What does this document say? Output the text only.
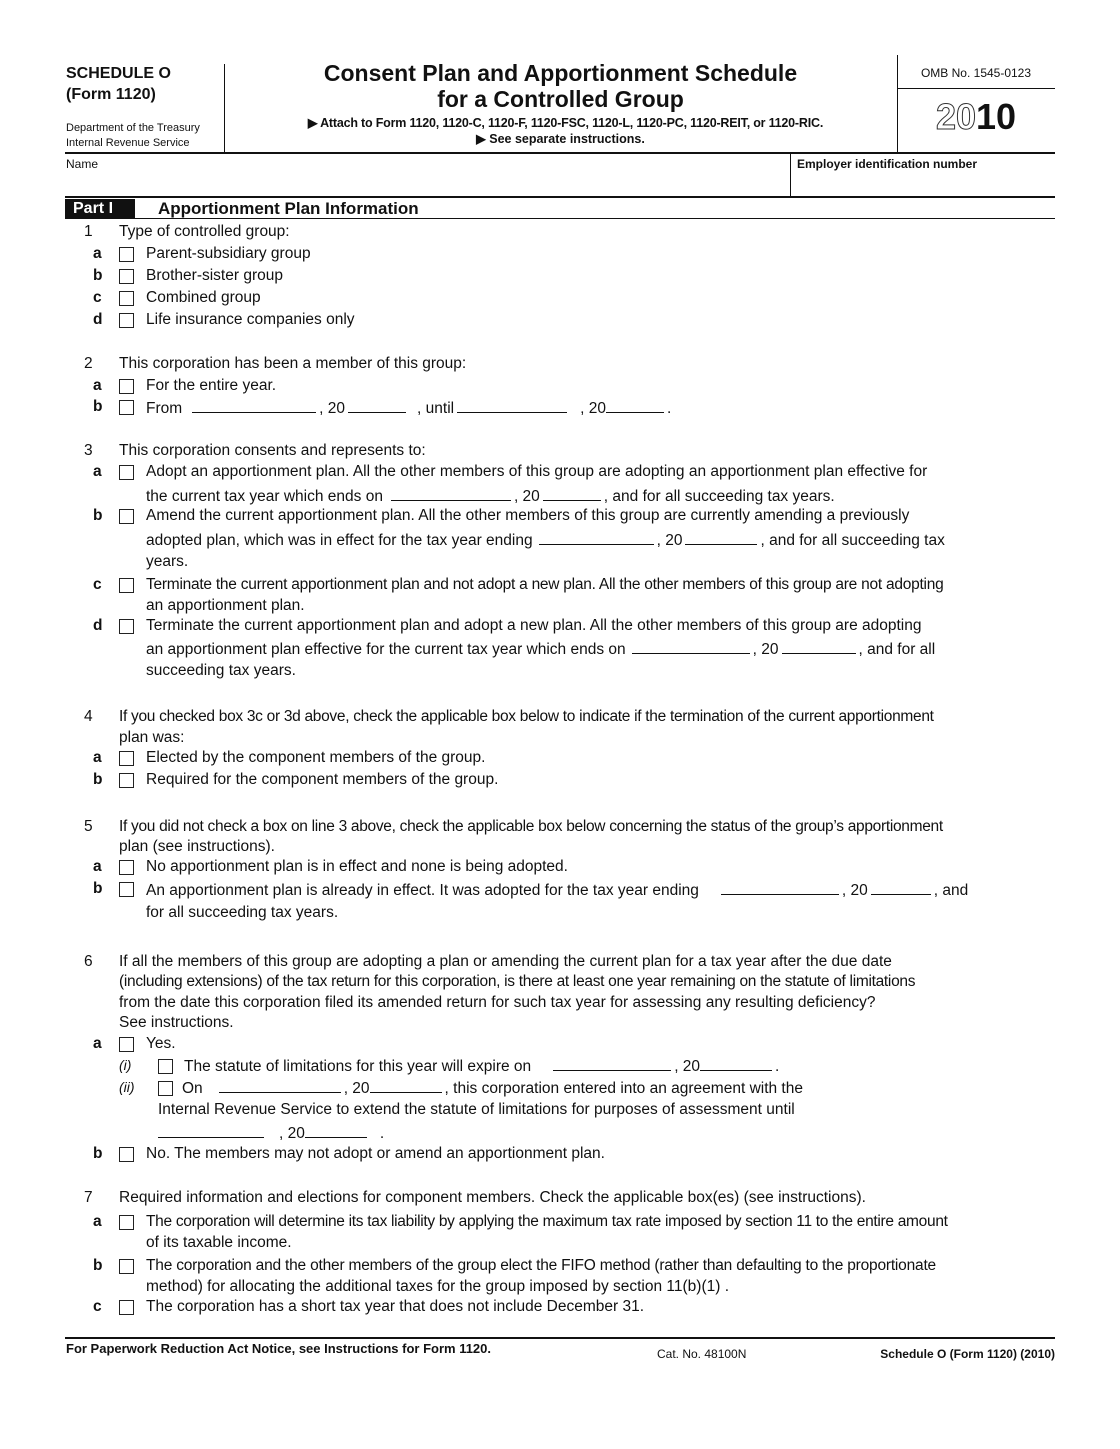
SCHEDULE O
(Form 1120)
Department of the Treasury
Internal Revenue Service
Consent Plan and Apportionment Schedule
for a Controlled Group
▶ Attach to Form 1120, 1120-C, 1120-F, 1120-FSC, 1120-L, 1120-PC, 1120-REIT, or 1120-RIC.
▶ See separate instructions.
OMB No. 1545-0123
2010
Name	Employer identification number
Part I	Apportionment Plan Information
1 Type of controlled group:
a	Parent-subsidiary group
b	Brother-sister group
c	Combined group
d	Life insurance companies only
2 This corporation has been a member of this group:
a	For the entire year.
b	From	, 20	, until	, 20	.
3 This corporation consents and represents to:
a	Adopt an apportionment plan. All the other members of this group are adopting an apportionment plan effective for
the current tax year which ends on	, 20	, and for all succeeding tax years.
b	Amend the current apportionment plan. All the other members of this group are currently amending a previously
adopted plan, which was in effect for the tax year ending	, 20	, and for all succeeding tax
years.
c	Terminate the current apportionment plan and not adopt a new plan. All the other members of this group are not adopting
an apportionment plan.
d	Terminate the current apportionment plan and adopt a new plan. All the other members of this group are adopting
an apportionment plan effective for the current tax year which ends on	, 20	, and for all
succeeding tax years.
4 If you checked box 3c or 3d above, check the applicable box below to indicate if the termination of the current apportionment
plan was:
a	Elected by the component members of the group.
b	Required for the component members of the group.
5 If you did not check a box on line 3 above, check the applicable box below concerning the status of the group’s apportionment
plan (see instructions).
a	No apportionment plan is in effect and none is being adopted.
b	An apportionment plan is already in effect. It was adopted for the tax year ending	, 20	, and
for all succeeding tax years.
6 If all the members of this group are adopting a plan or amending the current plan for a tax year after the due date
(including extensions) of the tax return for this corporation, is there at least one year remaining on the statute of limitations
from the date this corporation filed its amended return for such tax year for assessing any resulting deficiency?
See instructions.
a	Yes.
(i)	The statute of limitations for this year will expire on	, 20	.
(ii)	On	, 20	, this corporation entered into an agreement with the
Internal Revenue Service to extend the statute of limitations for purposes of assessment until
, 20	.
b	No. The members may not adopt or amend an apportionment plan.
7 Required information and elections for component members. Check the applicable box(es) (see instructions).
a	The corporation will determine its tax liability by applying the maximum tax rate imposed by section 11 to the entire amount
of its taxable income.
b	The corporation and the other members of the group elect the FIFO method (rather than defaulting to the proportionate
method) for allocating the additional taxes for the group imposed by section 11(b)(1) .
c	The corporation has a short tax year that does not include December 31.
For Paperwork Reduction Act Notice, see Instructions for Form 1120.	Cat. No. 48100N	Schedule O (Form 1120) (2010)
